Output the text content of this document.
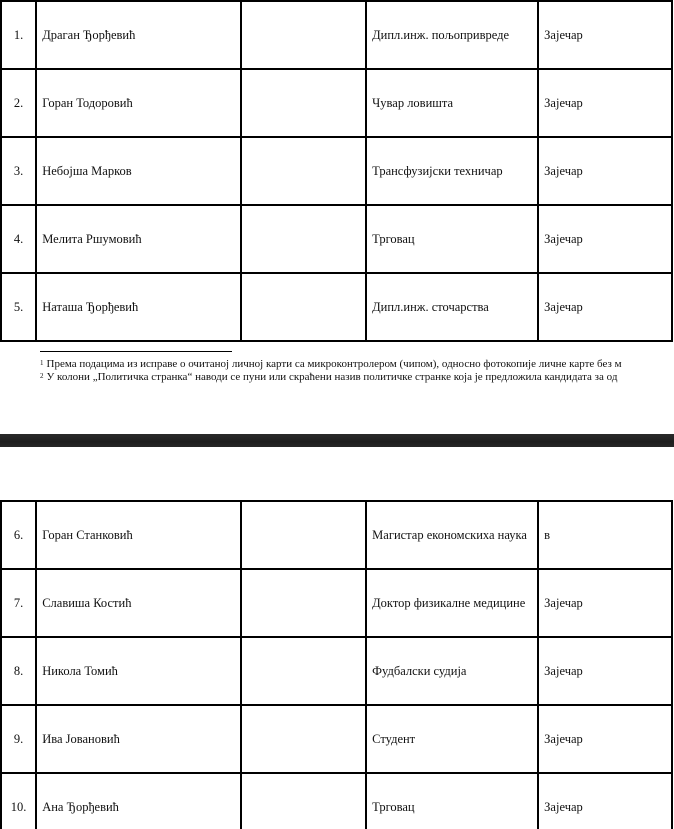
1.	Драган Ђорђевић		Дипл.инж. пољопривреде	Зајечар
2.	Горан Тодоровић		Чувар ловишта	Зајечар
3.	Небојша Марков		Трансфузијски техничар	Зајечар
4.	Мелита Ршумовић		Трговац	Зајечар
5.	Наташа Ђорђевић		Дипл.инж. сточарства	Зајечар
$^1$ Према подацима из исправе о очитаној личној карти са микроконтролером (чипом), односно фотокопије личне карте без м
$^2$ У колони „Политичка странка“ наводи се пуни или скраћени назив политичке странке која је предложила кандидата за од
6.	Горан Станковић		Магистар економскиха наука	в
7.	Славиша Костић		Доктор физикалне медицине	Зајечар
8.	Никола Томић		Фудбалски судија	Зајечар
9.	Ива Јовановић		Студент	Зајечар
10.	Ана Ђорђевић		Трговац	Зајечар
